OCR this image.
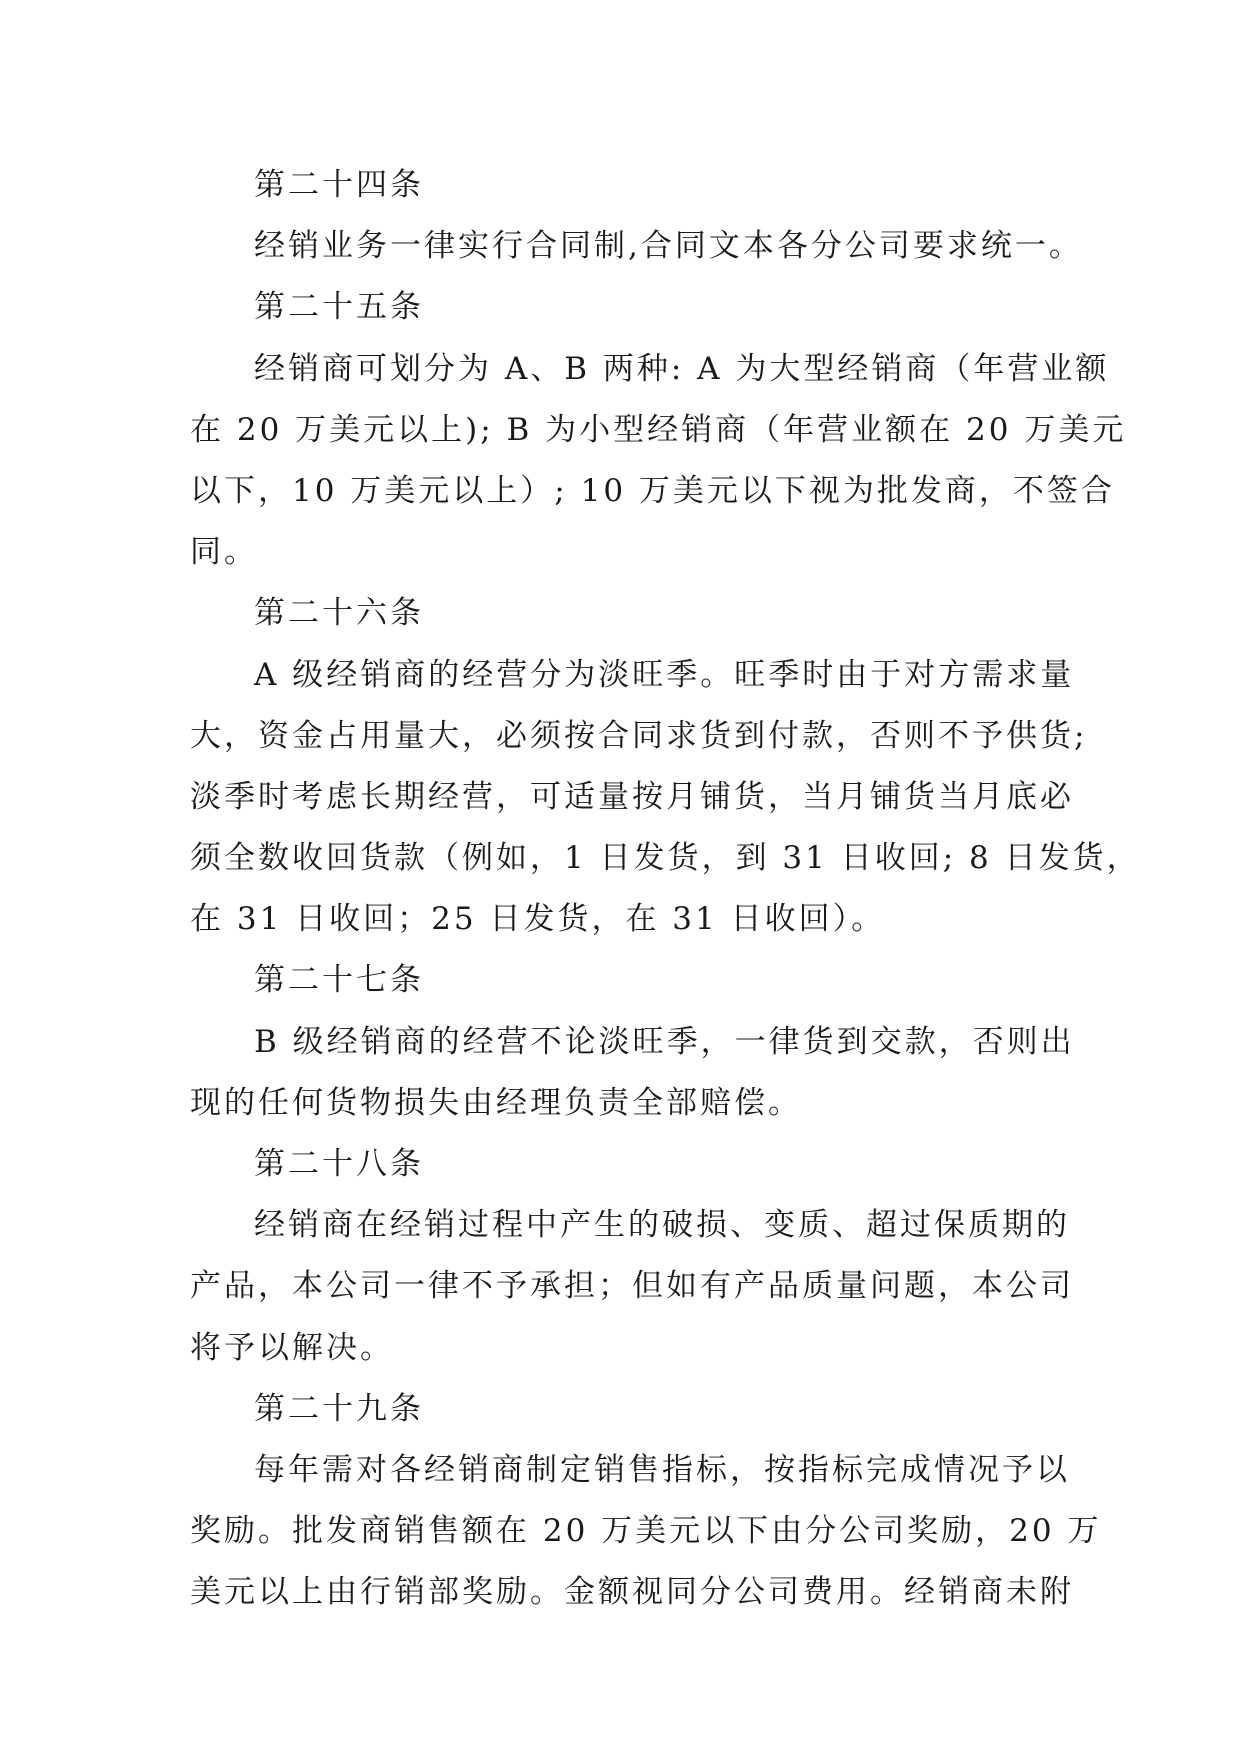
第二十四条
经销业务一律实行合同制,合同文本各分公司要求统一。
第二十五条
经销商可划分为 A、B 两种: A 为大型经销商（年营业额
在 20 万美元以上); B 为小型经销商（年营业额在 20 万美元
以下，10 万美元以上）; 10 万美元以下视为批发商，不签合
同。
第二十六条
A 级经销商的经营分为淡旺季。旺季时由于对方需求量
大，资金占用量大，必须按合同求货到付款，否则不予供货;
淡季时考虑长期经营，可适量按月铺货，当月铺货当月底必
须全数收回货款（例如，1 日发货，到 31 日收回; 8 日发货，
在 31 日收回；25 日发货，在 31 日收回）。
第二十七条
B 级经销商的经营不论淡旺季，一律货到交款，否则出
现的任何货物损失由经理负责全部赔偿。
第二十八条
经销商在经销过程中产生的破损、变质、超过保质期的
产品，本公司一律不予承担；但如有产品质量问题，本公司
将予以解决。
第二十九条
每年需对各经销商制定销售指标，按指标完成情况予以
奖励。批发商销售额在 20 万美元以下由分公司奖励，20 万
美元以上由行销部奖励。金额视同分公司费用。经销商未附
